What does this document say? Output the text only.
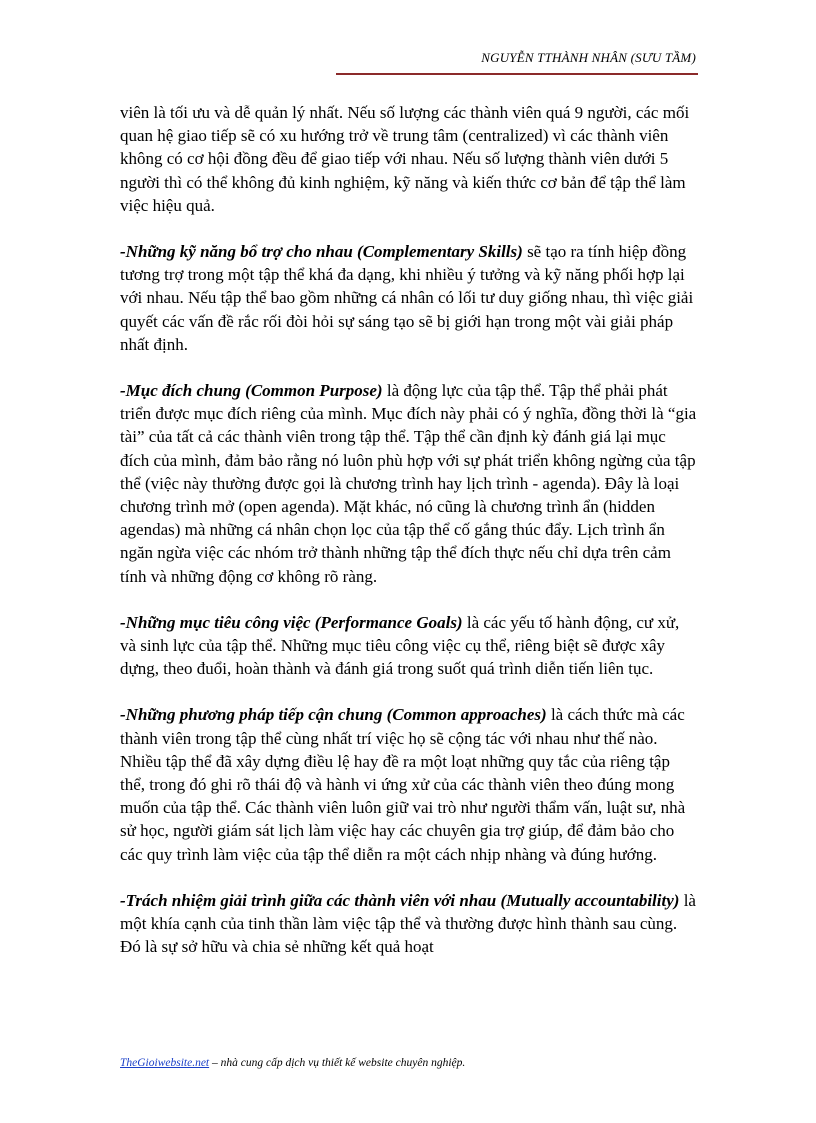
NGUYỄN TTHÀNH NHÂN (SƯU TẦM)

viên là tối ưu và dễ quản lý nhất. Nếu số lượng các thành viên quá 9 người, các mối quan hệ giao tiếp sẽ có xu hướng trở về trung tâm (centralized) vì các thành viên không có cơ hội đồng đều để giao tiếp với nhau. Nếu số lượng thành viên dưới 5 người thì có thể không đủ kinh nghiệm, kỹ năng và kiến thức cơ bản để tập thể làm việc hiệu quả.

-Những kỹ năng bổ trợ cho nhau (Complementary Skills) sẽ tạo ra tính hiệp đồng tương trợ trong một tập thể khá đa dạng, khi nhiều ý tưởng và kỹ năng phối hợp lại với nhau. Nếu tập thể bao gồm những cá nhân có lối tư duy giống nhau, thì việc giải quyết các vấn đề rắc rối đòi hỏi sự sáng tạo sẽ bị giới hạn trong một vài giải pháp nhất định.

-Mục đích chung (Common Purpose) là động lực của tập thể. Tập thể phải phát triển được mục đích riêng của mình. Mục đích này phải có ý nghĩa, đồng thời là “gia tài” của tất cả các thành viên trong tập thể. Tập thể cần định kỳ đánh giá lại mục đích của mình, đảm bảo rằng nó luôn phù hợp với sự phát triển không ngừng của tập thể (việc này thường được gọi là chương trình hay lịch trình - agenda). Đây là loại chương trình mở (open agenda). Mặt khác, nó cũng là chương trình ẩn (hidden agendas) mà những cá nhân chọn lọc của tập thể cố gắng thúc đẩy. Lịch trình ẩn ngăn ngừa việc các nhóm trở thành những tập thể đích thực nếu chỉ dựa trên cảm tính và những động cơ không rõ ràng.

-Những mục tiêu công việc (Performance Goals) là các yếu tố hành động, cư xử, và sinh lực của tập thể. Những mục tiêu công việc cụ thể, riêng biệt sẽ được xây dựng, theo đuổi, hoàn thành và đánh giá trong suốt quá trình diễn tiến liên tục.

-Những phương pháp tiếp cận chung (Common approaches) là cách thức mà các thành viên trong tập thể cùng nhất trí việc họ sẽ cộng tác với nhau như thế nào. Nhiều tập thể đã xây dựng điều lệ hay đề ra một loạt những quy tắc của riêng tập thể, trong đó ghi rõ thái độ và hành vi ứng xử của các thành viên theo đúng mong muốn của tập thể. Các thành viên luôn giữ vai trò như người thẩm vấn, luật sư, nhà sử học, người giám sát lịch làm việc hay các chuyên gia trợ giúp, để đảm bảo cho các quy trình làm việc của tập thể diễn ra một cách nhịp nhàng và đúng hướng.

-Trách nhiệm giải trình giữa các thành viên với nhau (Mutually accountability) là một khía cạnh của tinh thần làm việc tập thể và thường được hình thành sau cùng. Đó là sự sở hữu và chia sẻ những kết quả hoạt

TheGioiwebsite.net – nhà cung cấp dịch vụ thiết kế website chuyên nghiệp.
